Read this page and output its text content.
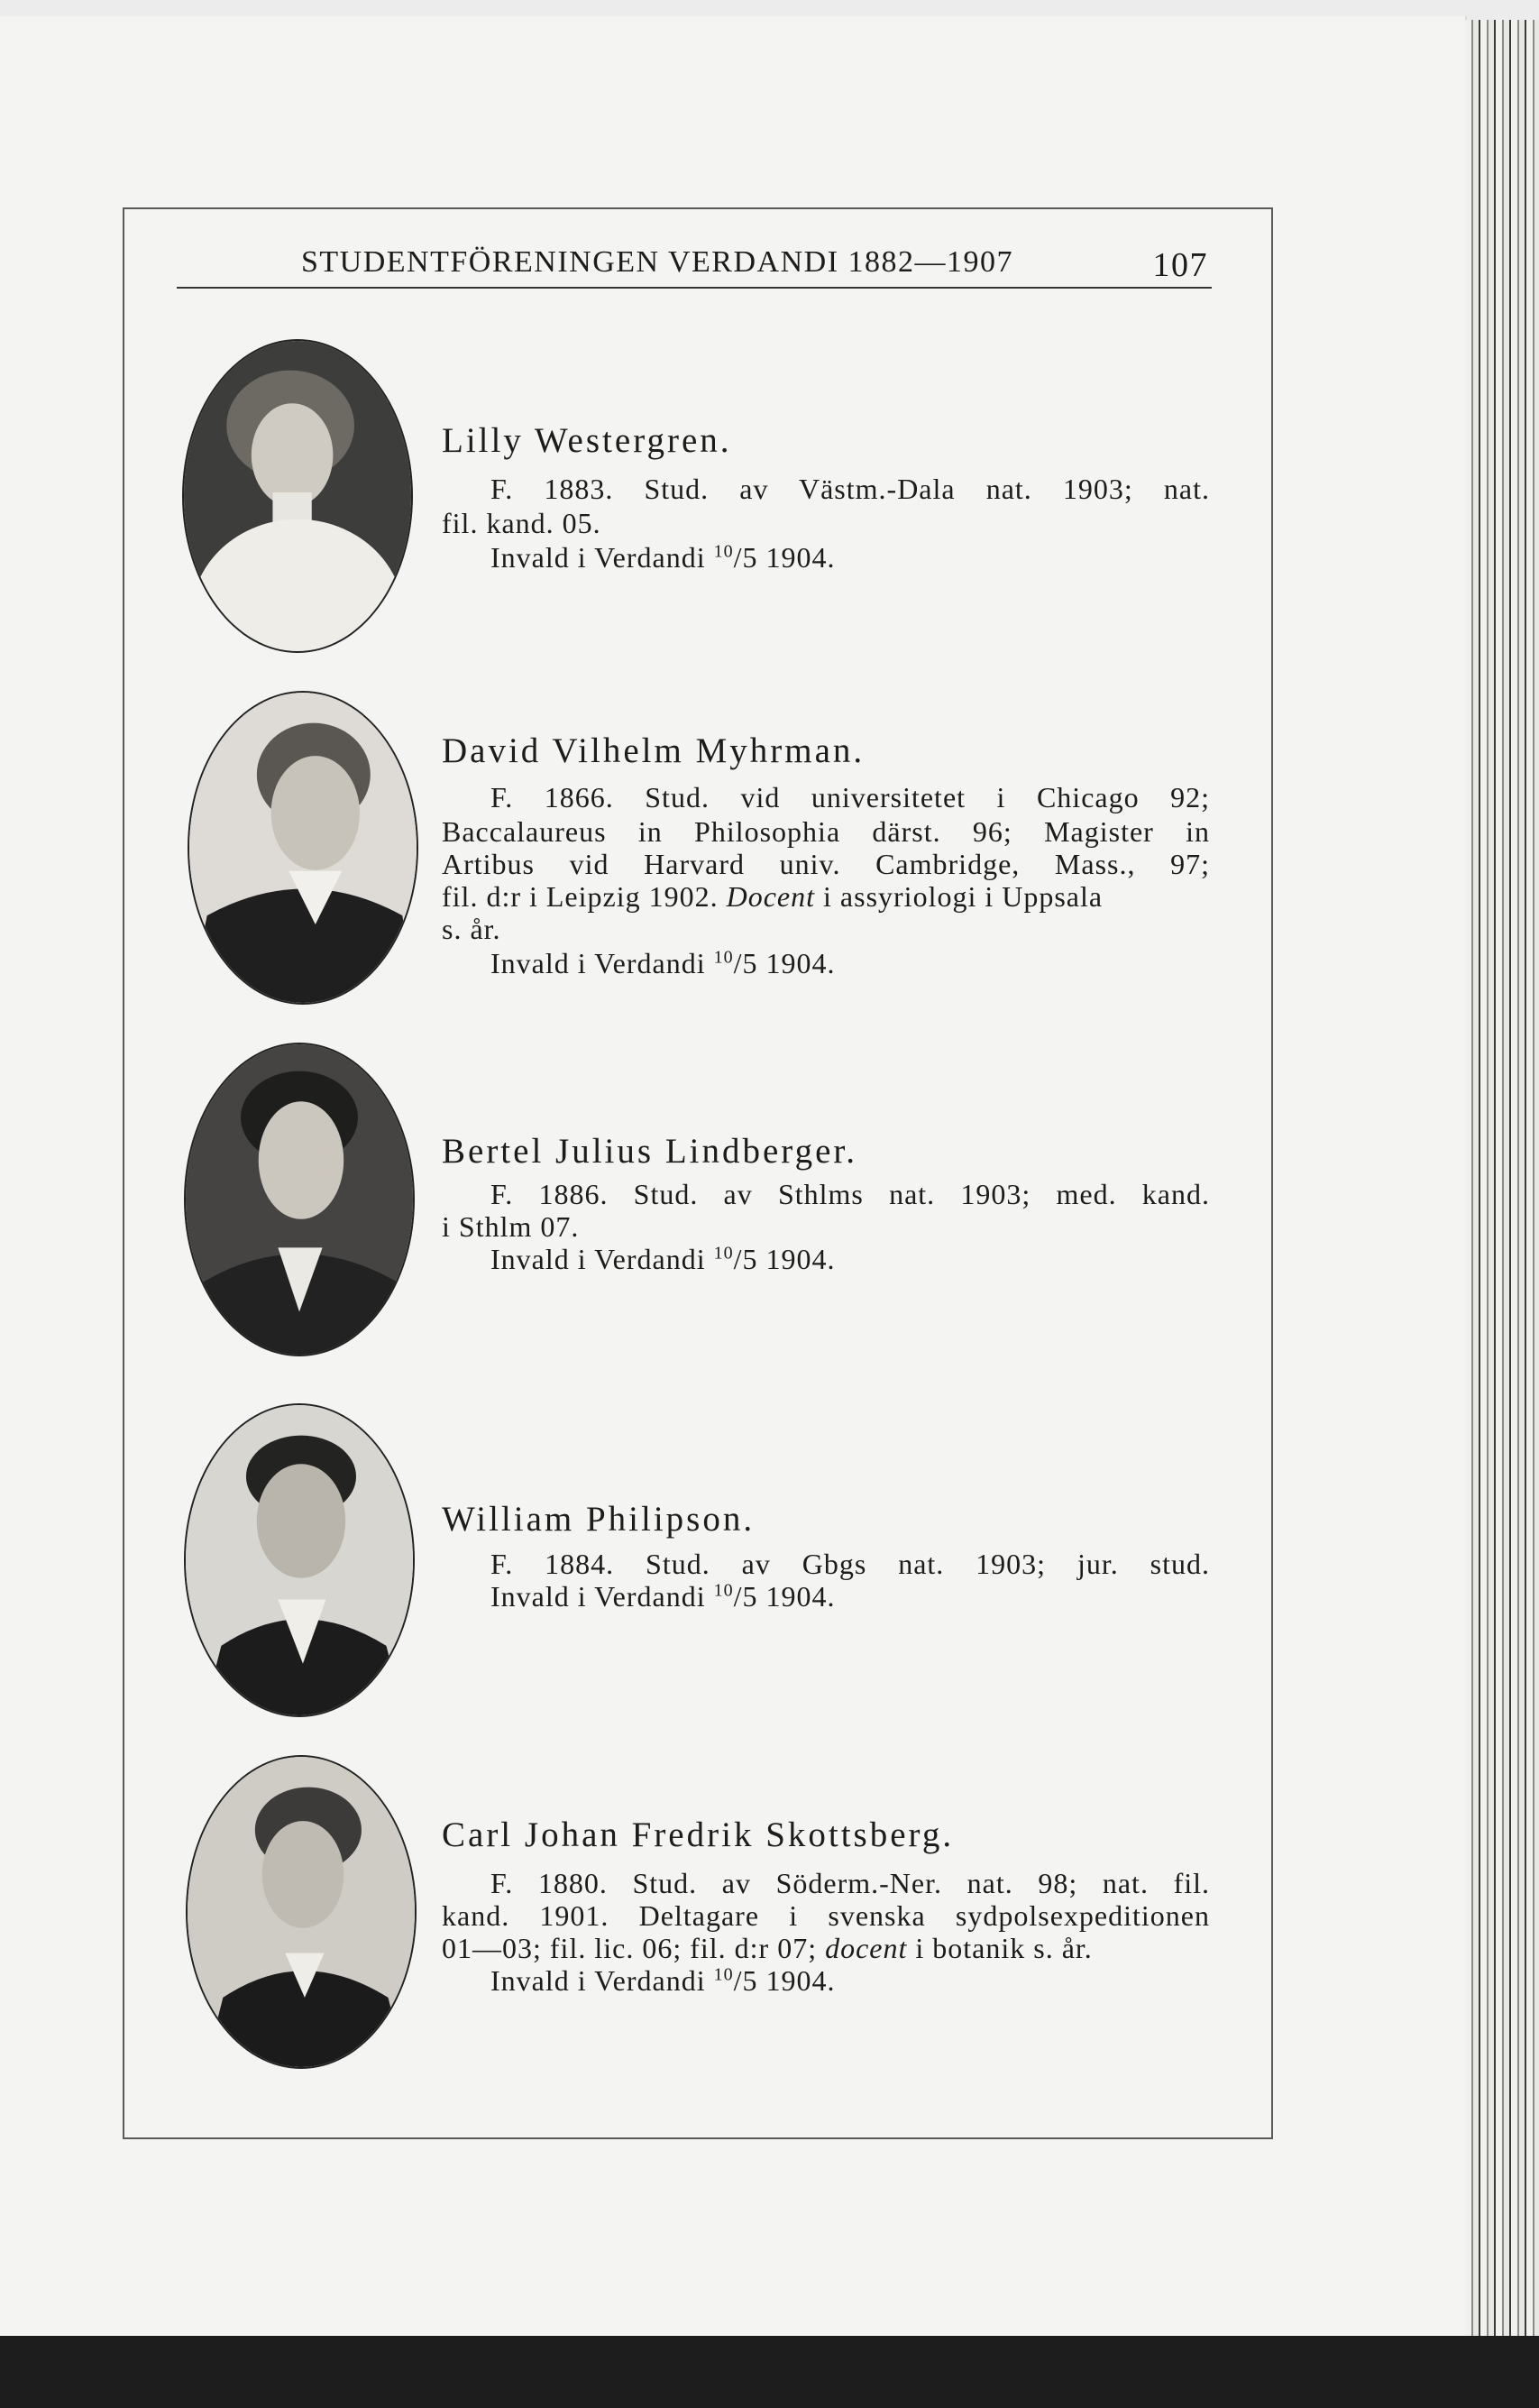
STUDENTFÖRENINGEN VERDANDI 1882—1907	107
Lilly Westergren.
F. 1883. Stud. av Västm.-Dala nat. 1903; nat.
fil. kand. 05.
Invald i Verdandi $^{10}$/5 1904.
David Vilhelm Myhrman.
F. 1866. Stud. vid universitetet i Chicago 92;
Baccalaureus in Philosophia därst. 96; Magister in
Artibus vid Harvard univ. Cambridge, Mass., 97;
fil. d:r i Leipzig 1902. Docent i assyriologi i Uppsala
s. år.
Invald i Verdandi $^{10}$/5 1904.
Bertel Julius Lindberger.
F. 1886. Stud. av Sthlms nat. 1903; med. kand.
i Sthlm 07.
Invald i Verdandi $^{10}$/5 1904.
William Philipson.
F. 1884. Stud. av Gbgs nat. 1903; jur. stud.
Invald i Verdandi $^{10}$/5 1904.
Carl Johan Fredrik Skottsberg.
F. 1880. Stud. av Söderm.-Ner. nat. 98; nat. fil.
kand. 1901. Deltagare i svenska sydpolsexpeditionen
01—03; fil. lic. 06; fil. d:r 07; docent i botanik s. år.
Invald i Verdandi $^{10}$/5 1904.
